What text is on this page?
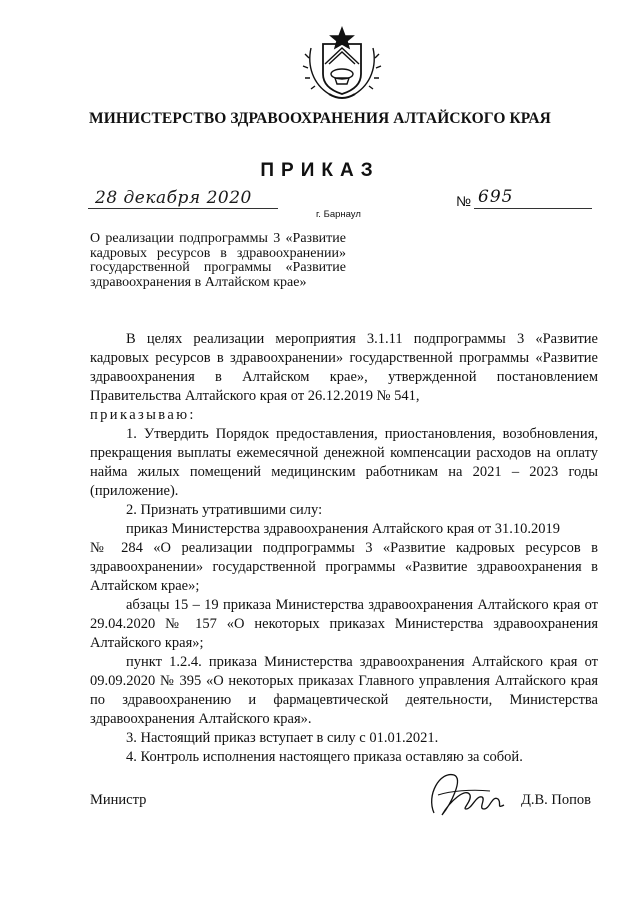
МИНИСТЕРСТВО ЗДРАВООХРАНЕНИЯ АЛТАЙСКОГО КРАЯ
ПРИКАЗ
28 декабря 2020
г. Барнаул
№ 695
О реализации подпрограммы 3 «Развитие кадровых ресурсов в здравоохранении» государственной программы «Развитие здравоохранения в Алтайском крае»

В целях реализации мероприятия 3.1.11 подпрограммы 3 «Развитие кадровых ресурсов в здравоохранении» государственной программы «Развитие здравоохранения в Алтайском крае», утвержденной постановлением Правительства Алтайского края от 26.12.2019 № 541,

приказываю:

1. Утвердить Порядок предоставления, приостановления, возобновления, прекращения выплаты ежемесячной денежной компенсации расходов на оплату найма жилых помещений медицинским работникам на 2021 – 2023 годы (приложение).

2. Признать утратившими силу:

приказ Министерства здравоохранения Алтайского края от 31.10.2019

№ 284 «О реализации подпрограммы 3 «Развитие кадровых ресурсов в здравоохранении» государственной программы «Развитие здравоохранения в Алтайском крае»;

абзацы 15 – 19 приказа Министерства здравоохранения Алтайского края от 29.04.2020 № 157 «О некоторых приказах Министерства здравоохранения Алтайского края»;

пункт 1.2.4. приказа Министерства здравоохранения Алтайского края от 09.09.2020 № 395 «О некоторых приказах Главного управления Алтайского края по здравоохранению и фармацевтической деятельности, Министерства здравоохранения Алтайского края».

3. Настоящий приказ вступает в силу с 01.01.2021.

4. Контроль исполнения настоящего приказа оставляю за собой.

Министр	Д.В. Попов
